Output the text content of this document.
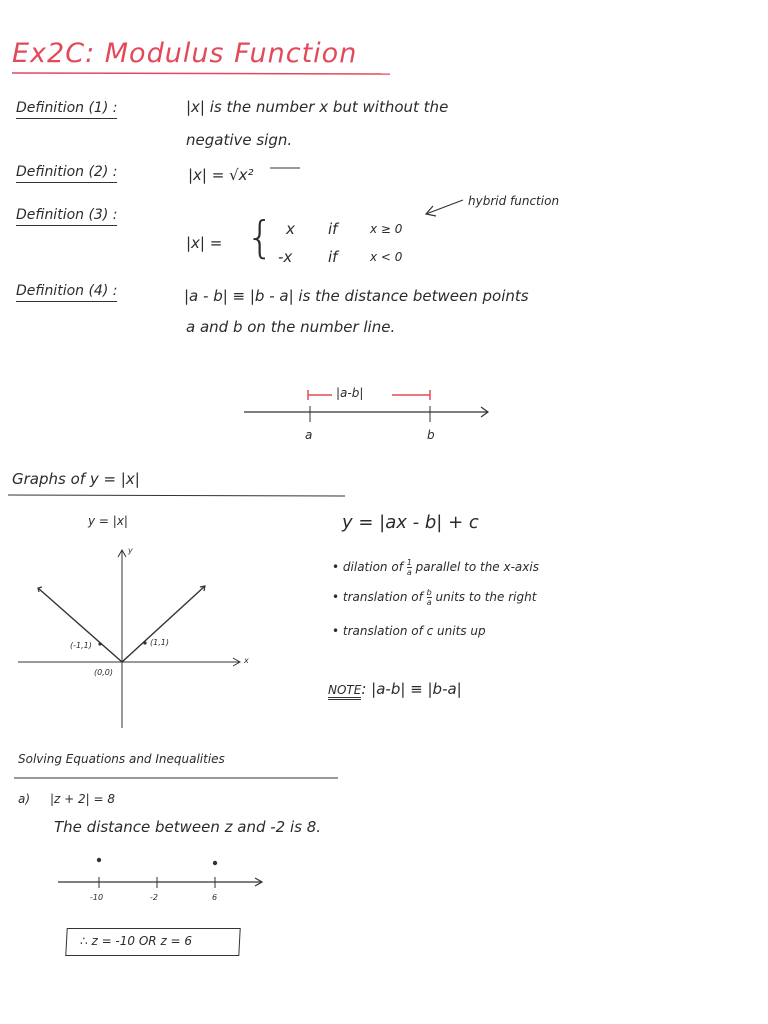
Ex2C: Modulus Function
Definition (1) :	|x| is the number x but without the
negative sign.
Definition (2) :	|x| = √x²
Definition (3) :
|x| = { x if	x ≥ 0
-x if	x < 0
hybrid function
Definition (4) :	|a - b| ≡ |b - a| is the distance between points
a and b on the number line.
|a-b|
a	b
Graphs of y = |x|
y = |x|
y
x
(-1,1)	(1,1)
(0,0)
y = |ax - b| + c
• dilation of $\frac{1}{a}$ parallel to the x-axis
• translation of $\frac{b}{a}$ units to the right
• translation of c units up
NOTE: |a-b| ≡ |b-a|
Solving Equations and Inequalities
a) |z + 2| = 8
The distance between z and -2 is 8.
-10	-2	6
∴ z = -10 OR z = 6
